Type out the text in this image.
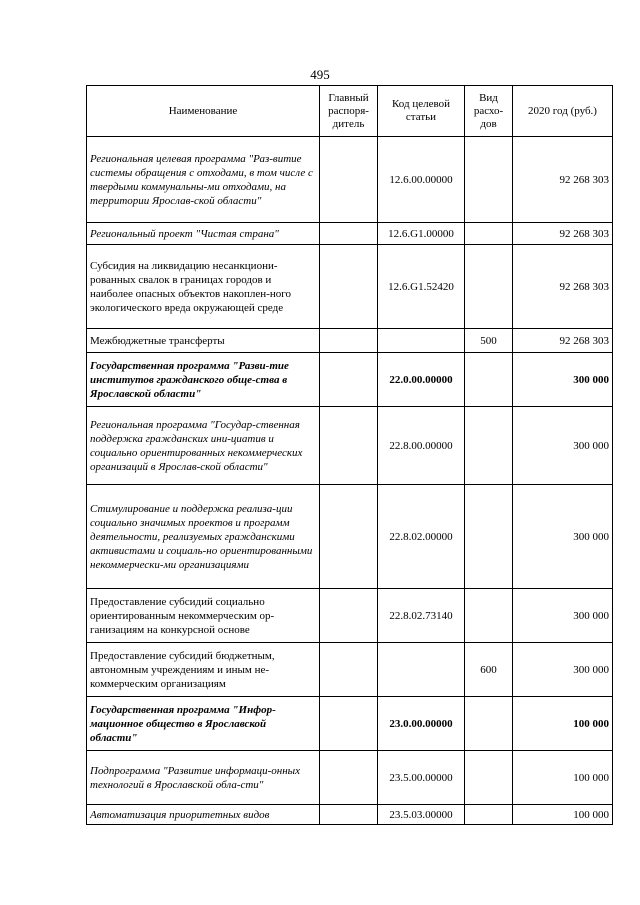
495
Наименование	Главный распоря-дитель	Код целевой статьи	Вид расхо-дов	2020 год (руб.)
Региональная целевая программа "Раз-витие системы обращения с отходами, в том числе с твердыми коммунальны-ми отходами, на территории Ярослав-ской области"		12.6.00.00000		92 268 303
Региональный проект "Чистая страна"		12.6.G1.00000		92 268 303
Субсидия на ликвидацию несанкциони-рованных свалок в границах городов и наиболее опасных объектов накоплен-ного экологического вреда окружающей среде		12.6.G1.52420		92 268 303
Межбюджетные трансферты			500	92 268 303
Государственная программа "Разви-тие институтов гражданского обще-ства в Ярославской области"		22.0.00.00000		300 000
Региональная программа "Государ-ственная поддержка гражданских ини-циатив и социально ориентированных некоммерческих организаций в Ярослав-ской области"		22.8.00.00000		300 000
Стимулирование и поддержка реализа-ции социально значимых проектов и программ деятельности, реализуемых гражданскими активистами и социаль-но ориентированными некоммерчески-ми организациями		22.8.02.00000		300 000
Предоставление субсидий социально ориентированным некоммерческим ор-ганизациям на конкурсной основе		22.8.02.73140		300 000
Предоставление субсидий бюджетным, автономным учреждениям и иным не-коммерческим организациям			600	300 000
Государственная программа "Инфор-мационное общество в Ярославской области"		23.0.00.00000		100 000
Подпрограмма "Развитие информаци-онных технологий в Ярославской обла-сти"		23.5.00.00000		100 000
Автоматизация приоритетных видов		23.5.03.00000		100 000
